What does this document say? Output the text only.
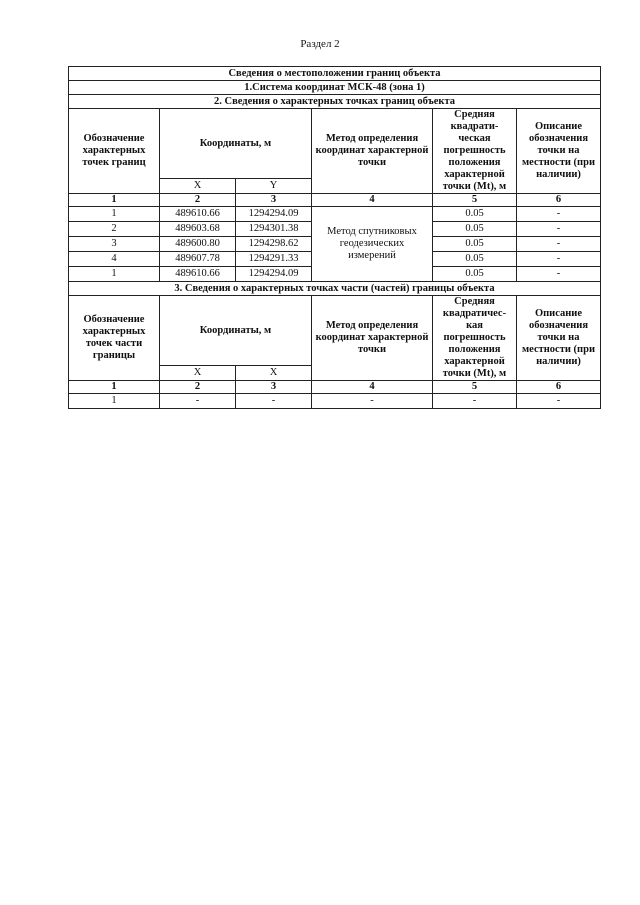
Раздел 2
Сведения о местоположении границ объекта					
1.Система координат МСК-48 (зона 1)					
2. Сведения о характерных точках границ объекта					
Обозначение характерных точек границ	Координаты, м		Метод определения координат характерной точки	Средняя квадрати-ческая погрешность положения характерной точки (Mt), м	Описание обозначения точки на местности (при наличии)
	X	Y			
1	2	3	4	5	6
1	489610.66	1294294.09	Метод спутниковых геодезических измерений	0.05	-
2	489603.68	1294301.38		0.05	-
3	489600.80	1294298.62		0.05	-
4	489607.78	1294291.33		0.05	-
1	489610.66	1294294.09		0.05	-
3. Сведения о характерных точках части (частей) границы объекта					
Обозначение характерных точек части границы	Координаты, м		Метод определения координат характерной точки	Средняя квадратичес-кая погрешность положения характерной точки (Mt), м	Описание обозначения точки на местности (при наличии)
	X	X			
1	2	3	4	5	6
1	-	-	-	-	-
